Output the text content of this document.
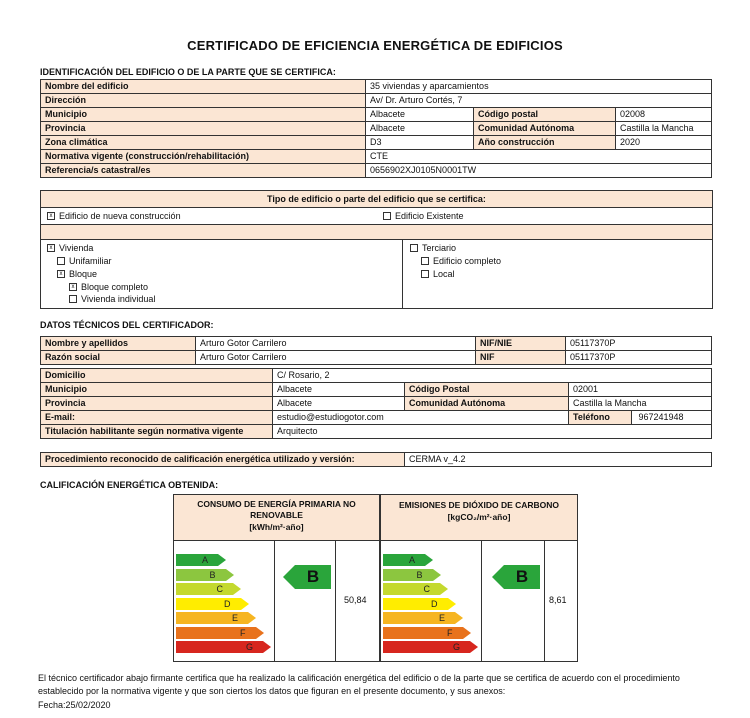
CERTIFICADO DE EFICIENCIA ENERGÉTICA DE EDIFICIOS
IDENTIFICACIÓN DEL EDIFICIO O DE LA PARTE QUE SE CERTIFICA:
Nombre del edificio	35 viviendas y aparcamientos		
Dirección	Av/ Dr. Arturo Cortés, 7		
Municipio	Albacete	Código postal	02008
Provincia	Albacete	Comunidad Autónoma	Castilla la Mancha
Zona climática	D3	Año construcción	2020
Normativa vigente (construcción/rehabilitación)	CTE		
Referencia/s catastral/es	0656902XJ0105N0001TW		
Tipo de edificio o parte del edificio que se certifica:
x Edificio de nueva construcción	Edificio Existente
x Vivienda
Unifamiliar
x Bloque
x Bloque completo
Vivienda individual
Terciario
Edificio completo
Local
DATOS TÉCNICOS DEL CERTIFICADOR:
Nombre y apellidos	Arturo Gotor Carrilero	NIF/NIE	05117370P
Razón social	Arturo Gotor Carrilero	NIF	05117370P
Domicilio	C/ Rosario, 2		
Municipio	Albacete	Código Postal	02001
Provincia	Albacete	Comunidad Autónoma	Castilla la Mancha
E-mail:	estudio@estudiogotor.com		Teléfono 967241948
Titulación habilitante según normativa vigente	Arquitecto		
Procedimiento reconocido de calificación energética utilizado y versión:	CERMA v_4.2
CALIFICACIÓN ENERGÉTICA OBTENIDA:
CONSUMO DE ENERGÍA PRIMARIA NO RENOVABLE
[kWh/m²·año]
A
B
C
D
E
F
G
B
50,84
EMISIONES DE DIÓXIDO DE CARBONO
[kgCO₂/m²·año]
A
B
C
D
E
F
G
B
8,61
El técnico certificador abajo firmante certifica que ha realizado la calificación energética del edificio o de la parte que se certifica de acuerdo con el procedimiento establecido por la normativa vigente y que son ciertos los datos que figuran en el presente documento, y sus anexos:
Fecha:25/02/2020
